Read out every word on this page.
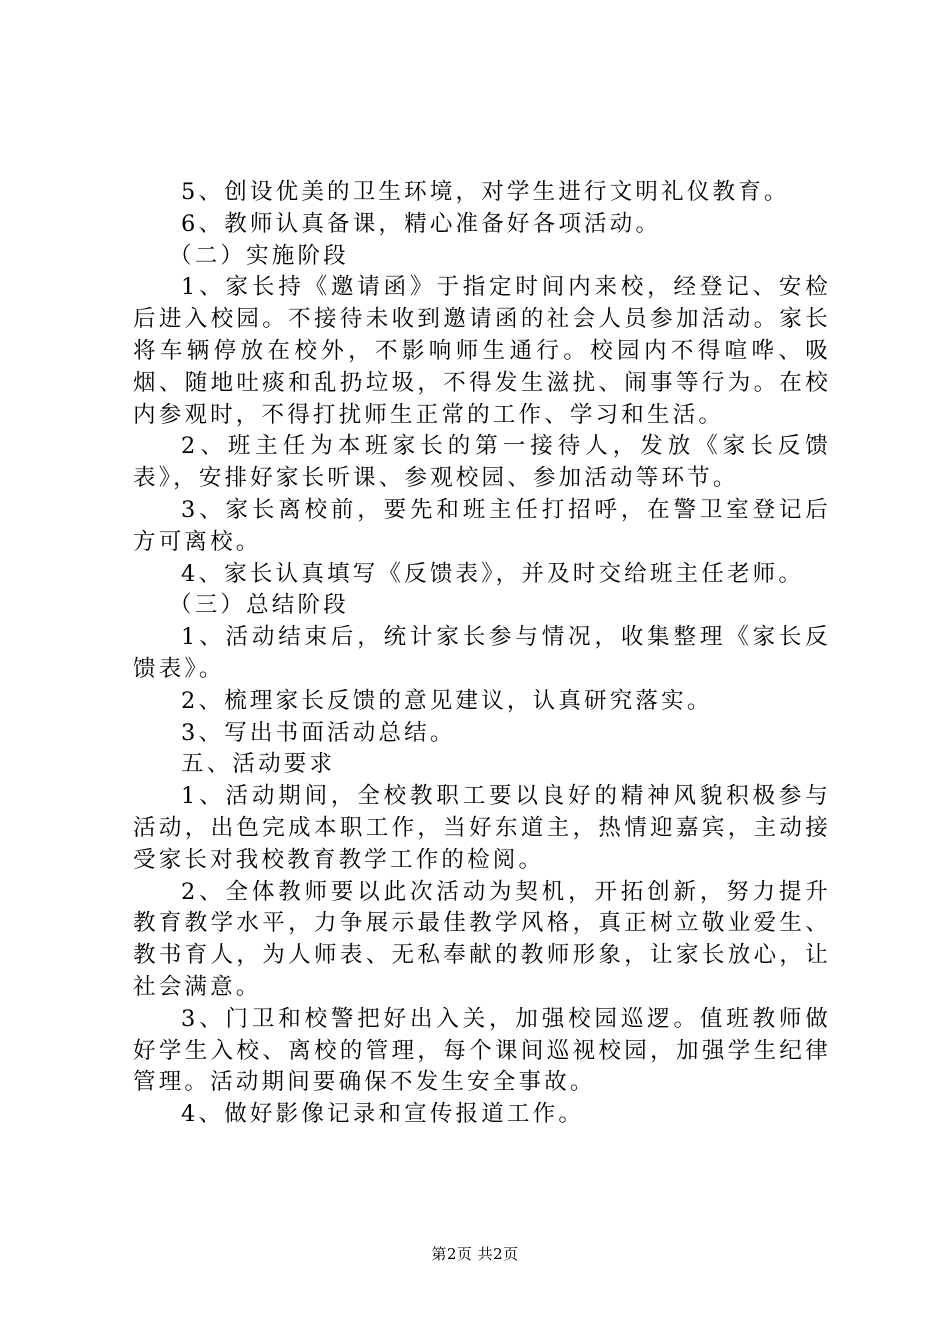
5、创设优美的卫生环境，对学生进行文明礼仪教育。

6、教师认真备课，精心准备好各项活动。

（二）实施阶段

1、家长持《邀请函》于指定时间内来校，经登记、安检后进入校园。不接待未收到邀请函的社会人员参加活动。家长将车辆停放在校外，不影响师生通行。校园内不得喧哗、吸烟、随地吐痰和乱扔垃圾，不得发生滋扰、闹事等行为。在校内参观时，不得打扰师生正常的工作、学习和生活。

2、班主任为本班家长的第一接待人，发放《家长反馈表》，安排好家长听课、参观校园、参加活动等环节。

3、家长离校前，要先和班主任打招呼，在警卫室登记后方可离校。

4、家长认真填写《反馈表》，并及时交给班主任老师。

（三）总结阶段

1、活动结束后，统计家长参与情况，收集整理《家长反馈表》。

2、梳理家长反馈的意见建议，认真研究落实。

3、写出书面活动总结。

五、活动要求

1、活动期间，全校教职工要以良好的精神风貌积极参与活动，出色完成本职工作，当好东道主，热情迎嘉宾，主动接受家长对我校教育教学工作的检阅。

2、全体教师要以此次活动为契机，开拓创新，努力提升教育教学水平，力争展示最佳教学风格，真正树立敬业爱生、教书育人，为人师表、无私奉献的教师形象，让家长放心，让社会满意。

3、门卫和校警把好出入关，加强校园巡逻。值班教师做好学生入校、离校的管理，每个课间巡视校园，加强学生纪律管理。活动期间要确保不发生安全事故。

4、做好影像记录和宣传报道工作。

第2页 共2页
